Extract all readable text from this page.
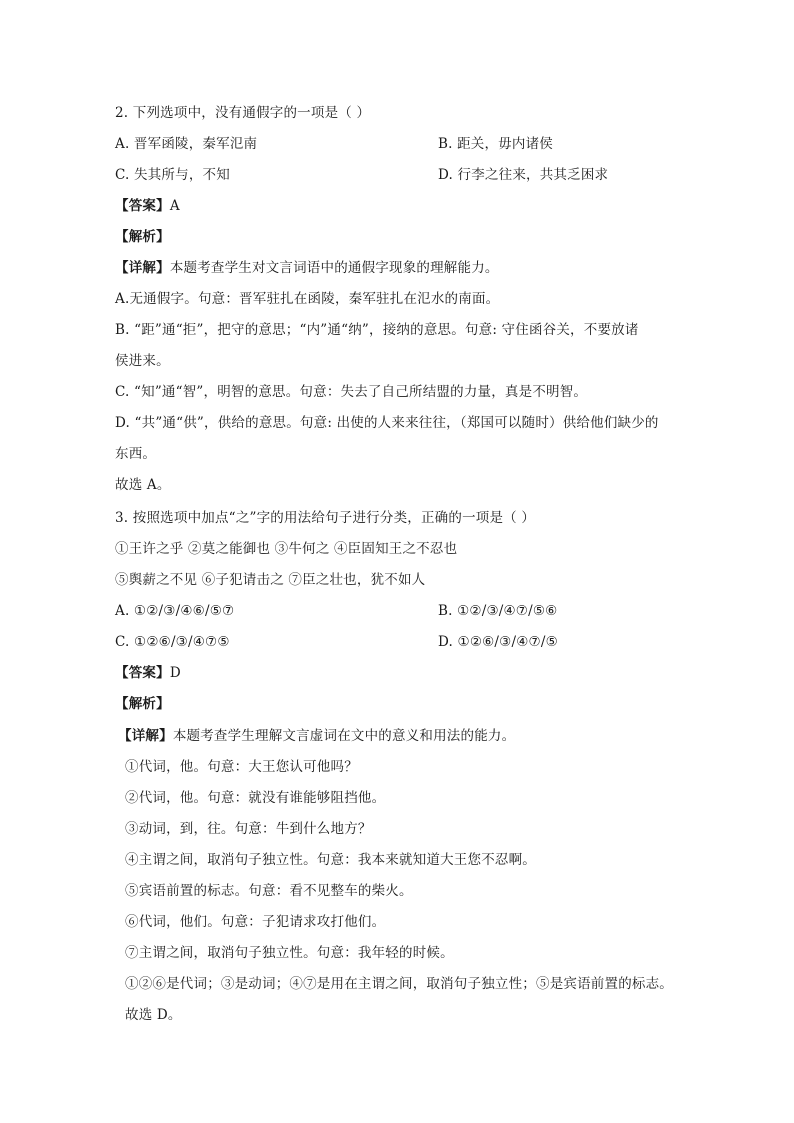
2. 下列选项中，没有通假字的一项是（ ）
A. 晋军函陵，秦军氾南	B. 距关，毋内诸侯
C. 失其所与，不知	D. 行李之往来，共其乏困求
【答案】A
【解析】
【详解】本题考查学生对文言词语中的通假字现象的理解能力。
A.无通假字。句意：晋军驻扎在函陵，秦军驻扎在氾水的南面。
B. “距”通“拒”，把守的意思；“内”通“纳”，接纳的意思。句意: 守住函谷关，不要放诸
侯进来。
C. “知”通“智”，明智的意思。句意：失去了自己所结盟的力量，真是不明智。
D. “共”通“供”，供给的意思。句意: 出使的人来来往往，（郑国可以随时）供给他们缺少的
东西。
故选 A。
3. 按照选项中加点“之”字的用法给句子进行分类，正确的一项是（ ）
①王许之乎 ②莫之能御也 ③牛何之 ④臣固知王之不忍也
⑤舆薪之不见 ⑥子犯请击之 ⑦臣之壮也，犹不如人
A. ①②/③/④⑥/⑤⑦	B. ①②/③/④⑦/⑤⑥
C. ①②⑥/③/④⑦⑤	D. ①②⑥/③/④⑦/⑤
【答案】D
【解析】
【详解】本题考查学生理解文言虚词在文中的意义和用法的能力。
①代词，他。句意：大王您认可他吗？
②代词，他。句意：就没有谁能够阻挡他。
③动词，到，往。句意：牛到什么地方？
④主谓之间，取消句子独立性。句意：我本来就知道大王您不忍啊。
⑤宾语前置的标志。句意：看不见整车的柴火。
⑥代词，他们。句意：子犯请求攻打他们。
⑦主谓之间，取消句子独立性。句意：我年轻的时候。
①②⑥是代词；③是动词；④⑦是用在主谓之间，取消句子独立性；⑤是宾语前置的标志。
故选 D。
